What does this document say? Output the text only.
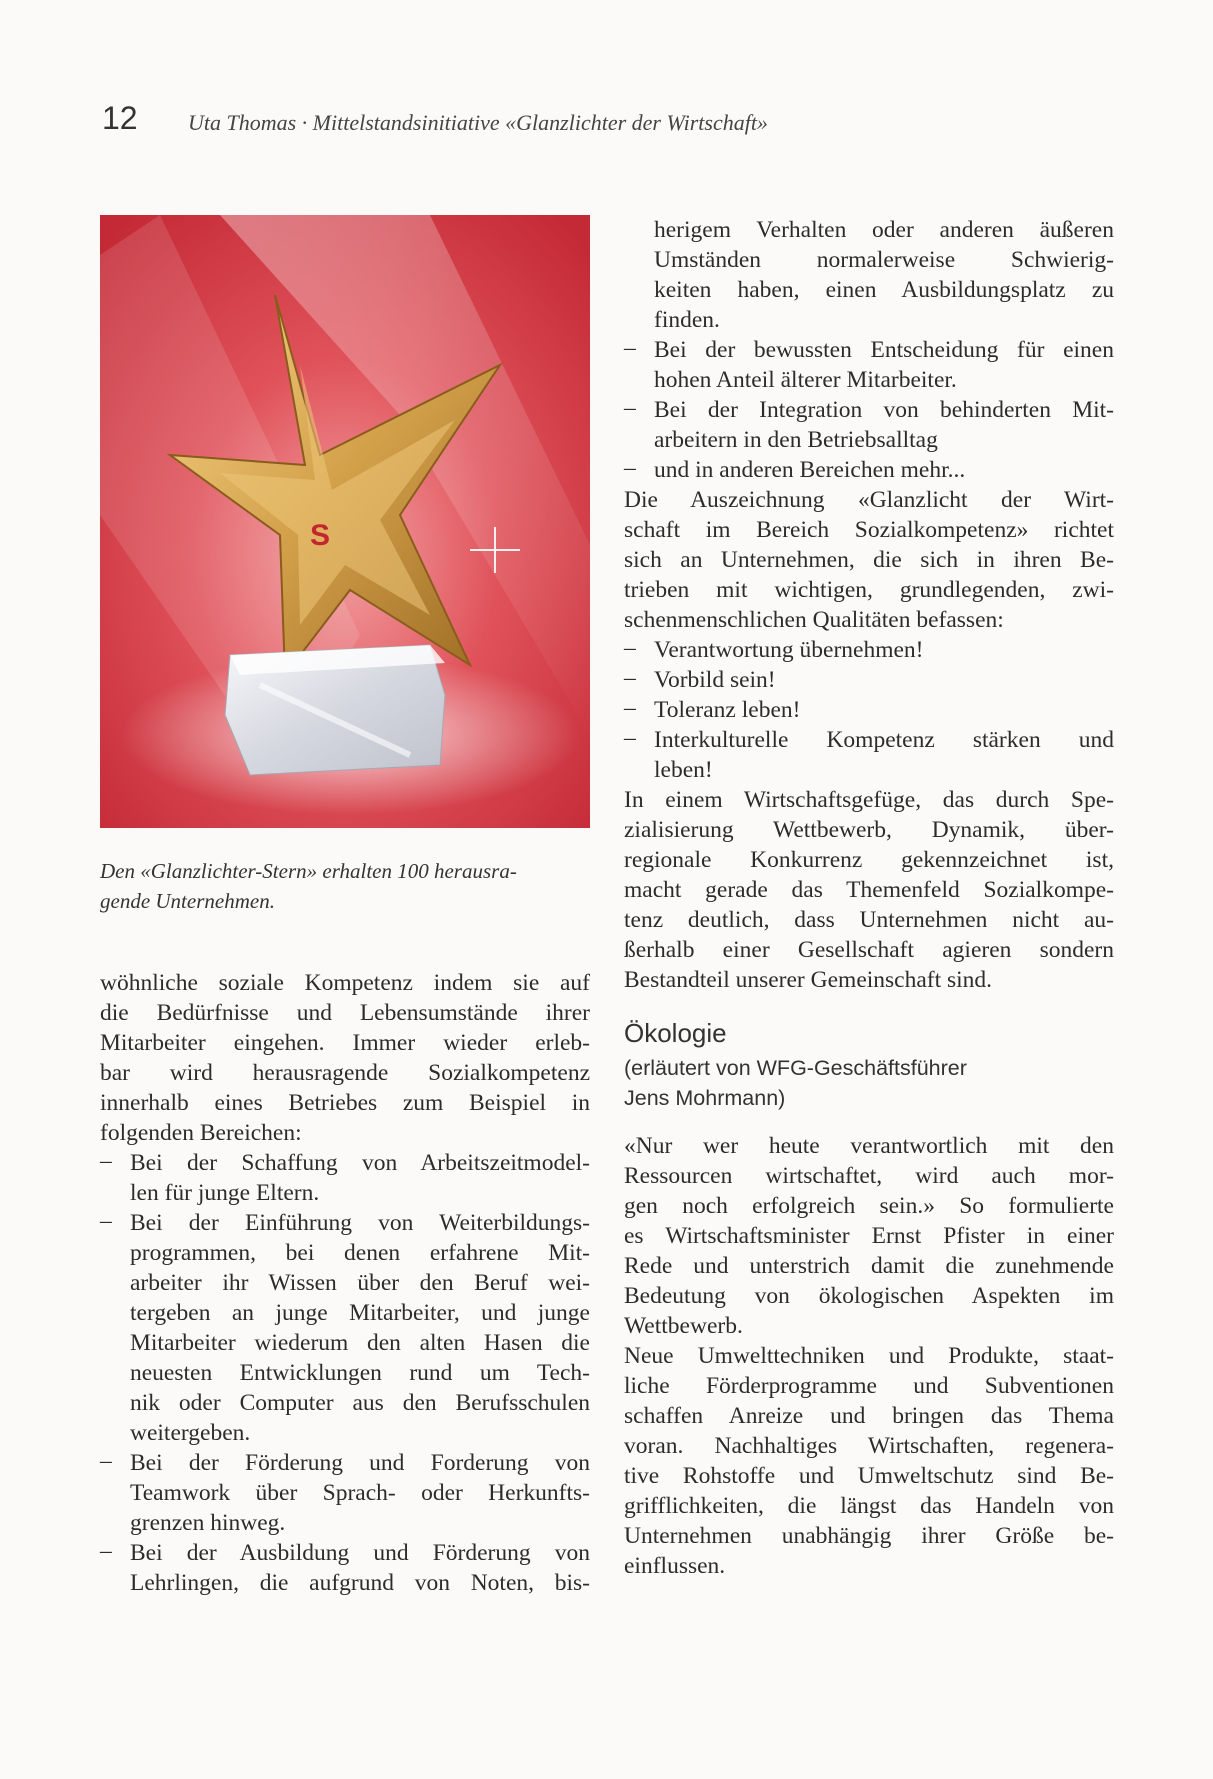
12 Uta Thomas · Mittelstandsinitiative «Glanzlichter der Wirtschaft»
S
Den «Glanzlichter-Stern» erhalten 100 herausra-
gende Unternehmen.
wöhnliche soziale Kompetenz indem sie auf
die Bedürfnisse und Lebensumstände ihrer
Mitarbeiter eingehen. Immer wieder erleb-
bar wird herausragende Sozialkompetenz
innerhalb eines Betriebes zum Beispiel in
folgenden Bereichen:
– Bei der Schaffung von Arbeitszeitmodel-
len für junge Eltern.
– Bei der Einführung von Weiterbildungs-
programmen, bei denen erfahrene Mit-
arbeiter ihr Wissen über den Beruf wei-
tergeben an junge Mitarbeiter, und junge
Mitarbeiter wiederum den alten Hasen die
neuesten Entwicklungen rund um Tech-
nik oder Computer aus den Berufsschulen
weitergeben.
– Bei der Förderung und Forderung von
Teamwork über Sprach- oder Herkunfts-
grenzen hinweg.
– Bei der Ausbildung und Förderung von
Lehrlingen, die aufgrund von Noten, bis-
herigem Verhalten oder anderen äußeren
Umständen normalerweise Schwierig-
keiten haben, einen Ausbildungsplatz zu
finden.
– Bei der bewussten Entscheidung für einen
hohen Anteil älterer Mitarbeiter.
– Bei der Integration von behinderten Mit-
arbeitern in den Betriebsalltag
– und in anderen Bereichen mehr...
Die Auszeichnung «Glanzlicht der Wirt-
schaft im Bereich Sozialkompetenz» richtet
sich an Unternehmen, die sich in ihren Be-
trieben mit wichtigen, grundlegenden, zwi-
schenmenschlichen Qualitäten befassen:
– Verantwortung übernehmen!
– Vorbild sein!
– Toleranz leben!
– Interkulturelle Kompetenz stärken und
leben!
In einem Wirtschaftsgefüge, das durch Spe-
zialisierung Wettbewerb, Dynamik, über-
regionale Konkurrenz gekennzeichnet ist,
macht gerade das Themenfeld Sozialkompe-
tenz deutlich, dass Unternehmen nicht au-
ßerhalb einer Gesellschaft agieren sondern
Bestandteil unserer Gemeinschaft sind.
Ökologie
(erläutert von WFG-Geschäftsführer
Jens Mohrmann)
«Nur wer heute verantwortlich mit den
Ressourcen wirtschaftet, wird auch mor-
gen noch erfolgreich sein.» So formulierte
es Wirtschaftsminister Ernst Pfister in einer
Rede und unterstrich damit die zunehmende
Bedeutung von ökologischen Aspekten im
Wettbewerb.
Neue Umwelttechniken und Produkte, staat-
liche Förderprogramme und Subventionen
schaffen Anreize und bringen das Thema
voran. Nachhaltiges Wirtschaften, regenera-
tive Rohstoffe und Umweltschutz sind Be-
grifflichkeiten, die längst das Handeln von
Unternehmen unabhängig ihrer Größe be-
einflussen.
